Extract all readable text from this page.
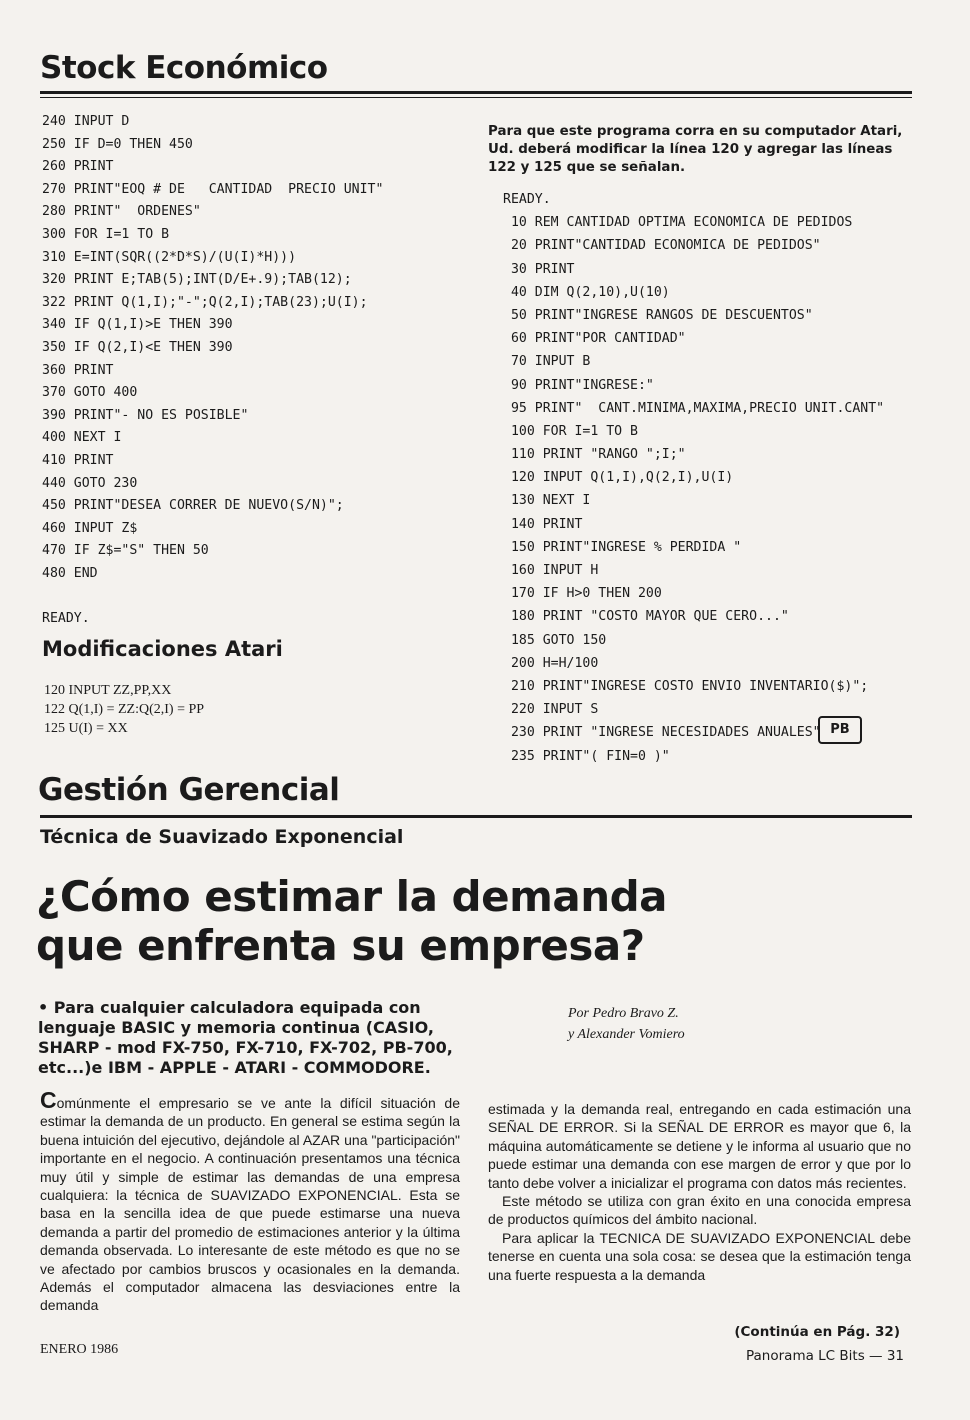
Stock Económico
240 INPUT D
250 IF D=0 THEN 450
260 PRINT
270 PRINT"EOQ # DE   CANTIDAD  PRECIO UNIT"
280 PRINT"  ORDENES"
300 FOR I=1 TO B
310 E=INT(SQR((2*D*S)/(U(I)*H)))
320 PRINT E;TAB(5);INT(D/E+.9);TAB(12);
322 PRINT Q(1,I);"-";Q(2,I);TAB(23);U(I);
340 IF Q(1,I)>E THEN 390
350 IF Q(2,I)<E THEN 390
360 PRINT
370 GOTO 400
390 PRINT"- NO ES POSIBLE"
400 NEXT I
410 PRINT
440 GOTO 230
450 PRINT"DESEA CORRER DE NUEVO(S/N)";
460 INPUT Z$
470 IF Z$="S" THEN 50
480 END
READY.
Modificaciones Atari
120 INPUT ZZ,PP,XX
122 Q(1,I) = ZZ:Q(2,I) = PP
125 U(I) = XX
Para que este programa corra en su computador Atari, Ud. deberá modificar la línea 120 y agregar las líneas 122 y 125 que se señalan.
READY.
10 REM CANTIDAD OPTIMA ECONOMICA DE PEDIDOS
20 PRINT"CANTIDAD ECONOMICA DE PEDIDOS"
30 PRINT
40 DIM Q(2,10),U(10)
50 PRINT"INGRESE RANGOS DE DESCUENTOS"
60 PRINT"POR CANTIDAD"
70 INPUT B
90 PRINT"INGRESE:"
95 PRINT"  CANT.MINIMA,MAXIMA,PRECIO UNIT.CANT"
100 FOR I=1 TO B
110 PRINT "RANGO ";I;"
120 INPUT Q(1,I),Q(2,I),U(I)
130 NEXT I
140 PRINT
150 PRINT"INGRESE % PERDIDA "
160 INPUT H
170 IF H>0 THEN 200
180 PRINT "COSTO MAYOR QUE CERO..."
185 GOTO 150
200 H=H/100
210 PRINT"INGRESE COSTO ENVIO INVENTARIO($)";
220 INPUT S
230 PRINT "INGRESE NECESIDADES ANUALES"
235 PRINT"( FIN=0 )"
PB
Gestión Gerencial
Técnica de Suavizado Exponencial
¿Cómo estimar la demanda
que enfrenta su empresa?
• Para cualquier calculadora equipada con lenguaje BASIC y memoria continua (CASIO, SHARP - mod FX-750, FX-710, FX-702, PB-700, etc...)e IBM - APPLE - ATARI - COMMODORE.
Por Pedro Bravo Z.
y Alexander Vomiero

Comúnmente el empresario se ve ante la difícil situación de estimar la demanda de un producto. En general se estima según la buena intuición del ejecutivo, dejándole al AZAR una "participación" importante en el negocio. A continuación presentamos una técnica muy útil y simple de estimar las demandas de una empresa cualquiera: la técnica de SUAVIZADO EXPONENCIAL. Esta se basa en la sencilla idea de que puede estimarse una nueva demanda a partir del promedio de estimaciones anterior y la última demanda observada. Lo interesante de este método es que no se ve afectado por cambios bruscos y ocasionales en la demanda. Además el computador almacena las desviaciones entre la demanda

estimada y la demanda real, entregando en cada estimación una SEÑAL DE ERROR. Si la SEÑAL DE ERROR es mayor que 6, la máquina automáticamente se detiene y le informa al usuario que no puede estimar una demanda con ese margen de error y que por lo tanto debe volver a inicializar el programa con datos más recientes.

Este método se utiliza con gran éxito en una conocida empresa de productos químicos del ámbito nacional.

Para aplicar la TECNICA DE SUAVIZADO EXPONENCIAL debe tenerse en cuenta una sola cosa: se desea que la estimación tenga una fuerte respuesta a la demanda

(Continúa en Pág. 32)
ENERO 1986	Panorama LC Bits — 31
